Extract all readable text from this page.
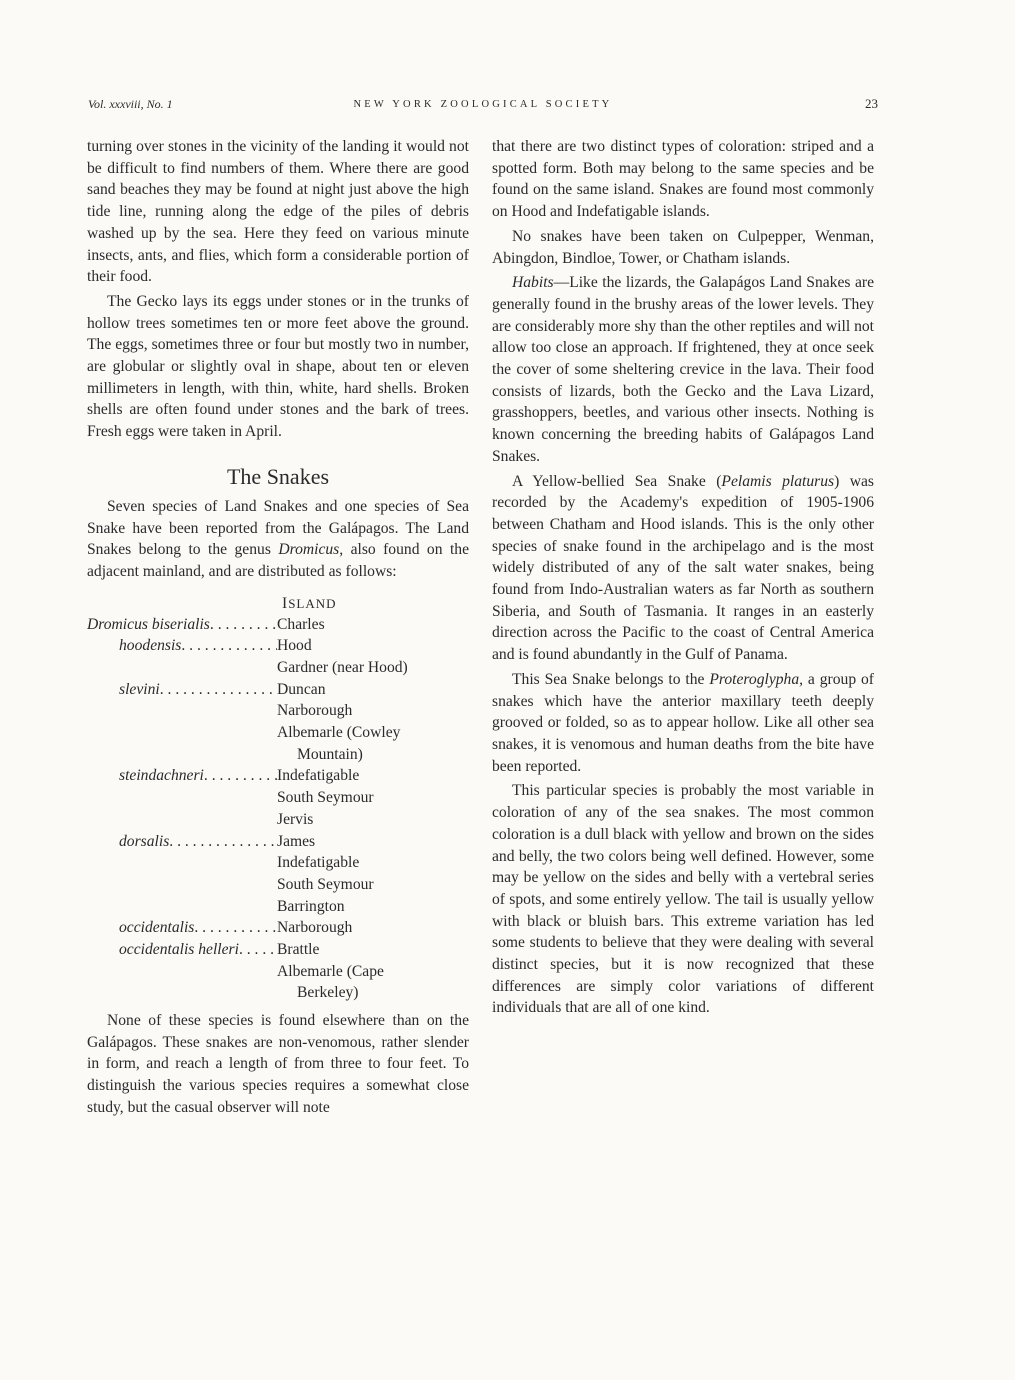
Vol. xxxviii, No. 1	NEW YORK ZOOLOGICAL SOCIETY	23

turning over stones in the vicinity of the landing it would not be difficult to find numbers of them. Where there are good sand beaches they may be found at night just above the high tide line, running along the edge of the piles of debris washed up by the sea. Here they feed on various minute insects, ants, and flies, which form a considerable portion of their food.

The Gecko lays its eggs under stones or in the trunks of hollow trees sometimes ten or more feet above the ground. The eggs, sometimes three or four but mostly two in number, are globular or slightly oval in shape, about ten or eleven millimeters in length, with thin, white, hard shells. Broken shells are often found under stones and the bark of trees. Fresh eggs were taken in April.

The Snakes

Seven species of Land Snakes and one species of Sea Snake have been reported from the Galápagos. The Land Snakes belong to the genus Dromicus, also found on the adjacent mainland, and are distributed as follows:

ISLAND
Dromicus biserialis . . .	Charles
hoodensis . . .	Hood
Gardner (near Hood)
slevini . . .	Duncan
Narborough
Albemarle (Cowley
Mountain)
steindachneri . . .	Indefatigable
South Seymour
Jervis
dorsalis . . .	James
Indefatigable
South Seymour
Barrington
occidentalis . . .	Narborough
occidentalis helleri . . . Brattle
Albemarle (Cape
Berkeley)

None of these species is found elsewhere than on the Galápagos. These snakes are non-venomous, rather slender in form, and reach a length of from three to four feet. To distinguish the various species requires a somewhat close study, but the casual observer will note

that there are two distinct types of coloration: striped and a spotted form. Both may belong to the same species and be found on the same island. Snakes are found most commonly on Hood and Indefatigable islands.

No snakes have been taken on Culpepper, Wenman, Abingdon, Bindloe, Tower, or Chatham islands.

Habits—Like the lizards, the Galapágos Land Snakes are generally found in the brushy areas of the lower levels. They are considerably more shy than the other reptiles and will not allow too close an approach. If frightened, they at once seek the cover of some sheltering crevice in the lava. Their food consists of lizards, both the Gecko and the Lava Lizard, grasshoppers, beetles, and various other insects. Nothing is known concerning the breeding habits of Galápagos Land Snakes.

A Yellow-bellied Sea Snake (Pelamis platurus) was recorded by the Academy's expedition of 1905-1906 between Chatham and Hood islands. This is the only other species of snake found in the archipelago and is the most widely distributed of any of the salt water snakes, being found from Indo-Australian waters as far North as southern Siberia, and South of Tasmania. It ranges in an easterly direction across the Pacific to the coast of Central America and is found abundantly in the Gulf of Panama.

This Sea Snake belongs to the Proteroglypha, a group of snakes which have the anterior maxillary teeth deeply grooved or folded, so as to appear hollow. Like all other sea snakes, it is venomous and human deaths from the bite have been reported.

This particular species is probably the most variable in coloration of any of the sea snakes. The most common coloration is a dull black with yellow and brown on the sides and belly, the two colors being well defined. However, some may be yellow on the sides and belly with a vertebral series of spots, and some entirely yellow. The tail is usually yellow with black or bluish bars. This extreme variation has led some students to believe that they were dealing with several distinct species, but it is now recognized that these differences are simply color variations of different individuals that are all of one kind.
